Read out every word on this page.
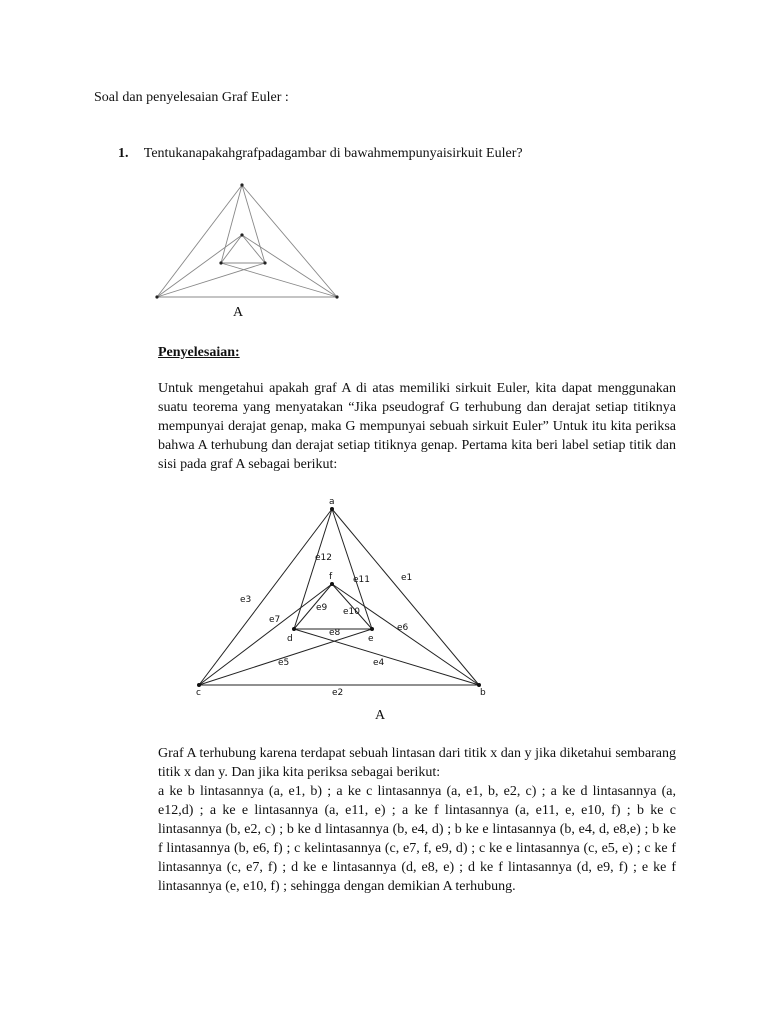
Soal dan penyelesaian Graf Euler :
1. Tentukanapakahgrafpadagambar di bawahmempunyaisirkuit Euler?
A
Penyelesaian:

Untuk mengetahui apakah graf A di atas memiliki sirkuit Euler, kita dapat menggunakan suatu teorema yang menyatakan “Jika pseudograf G terhubung dan derajat setiap titiknya mempunyai derajat genap, maka G mempunyai sebuah sirkuit Euler” Untuk itu kita periksa bahwa A terhubung dan derajat setiap titiknya genap. Pertama kita beri label setiap titik dan sisi pada graf A sebagai berikut:

a
b
c
d	e
f	e1
e2
e3
e4
e5
e6
e7
e8
e9 e10
e11
e12
A

Graf A terhubung karena terdapat sebuah lintasan dari titik x dan y jika diketahui sembarang titik x dan y. Dan jika kita periksa sebagai berikut:

a ke b lintasannya (a, e1, b) ; a ke c lintasannya (a, e1, b, e2, c) ; a ke d lintasannya (a, e12,d) ; a ke e lintasannya (a, e11, e) ; a ke f lintasannya (a, e11, e, e10, f) ; b ke c lintasannya (b, e2, c) ; b ke d lintasannya (b, e4, d) ; b ke e lintasannya (b, e4, d, e8,e) ; b ke f lintasannya (b, e6, f) ; c kelintasannya (c, e7, f, e9, d) ; c ke e lintasannya (c, e5, e) ; c ke f lintasannya (c, e7, f) ; d ke e lintasannya (d, e8, e) ; d ke f lintasannya (d, e9, f) ; e ke f lintasannya (e, e10, f) ; sehingga dengan demikian A terhubung.
